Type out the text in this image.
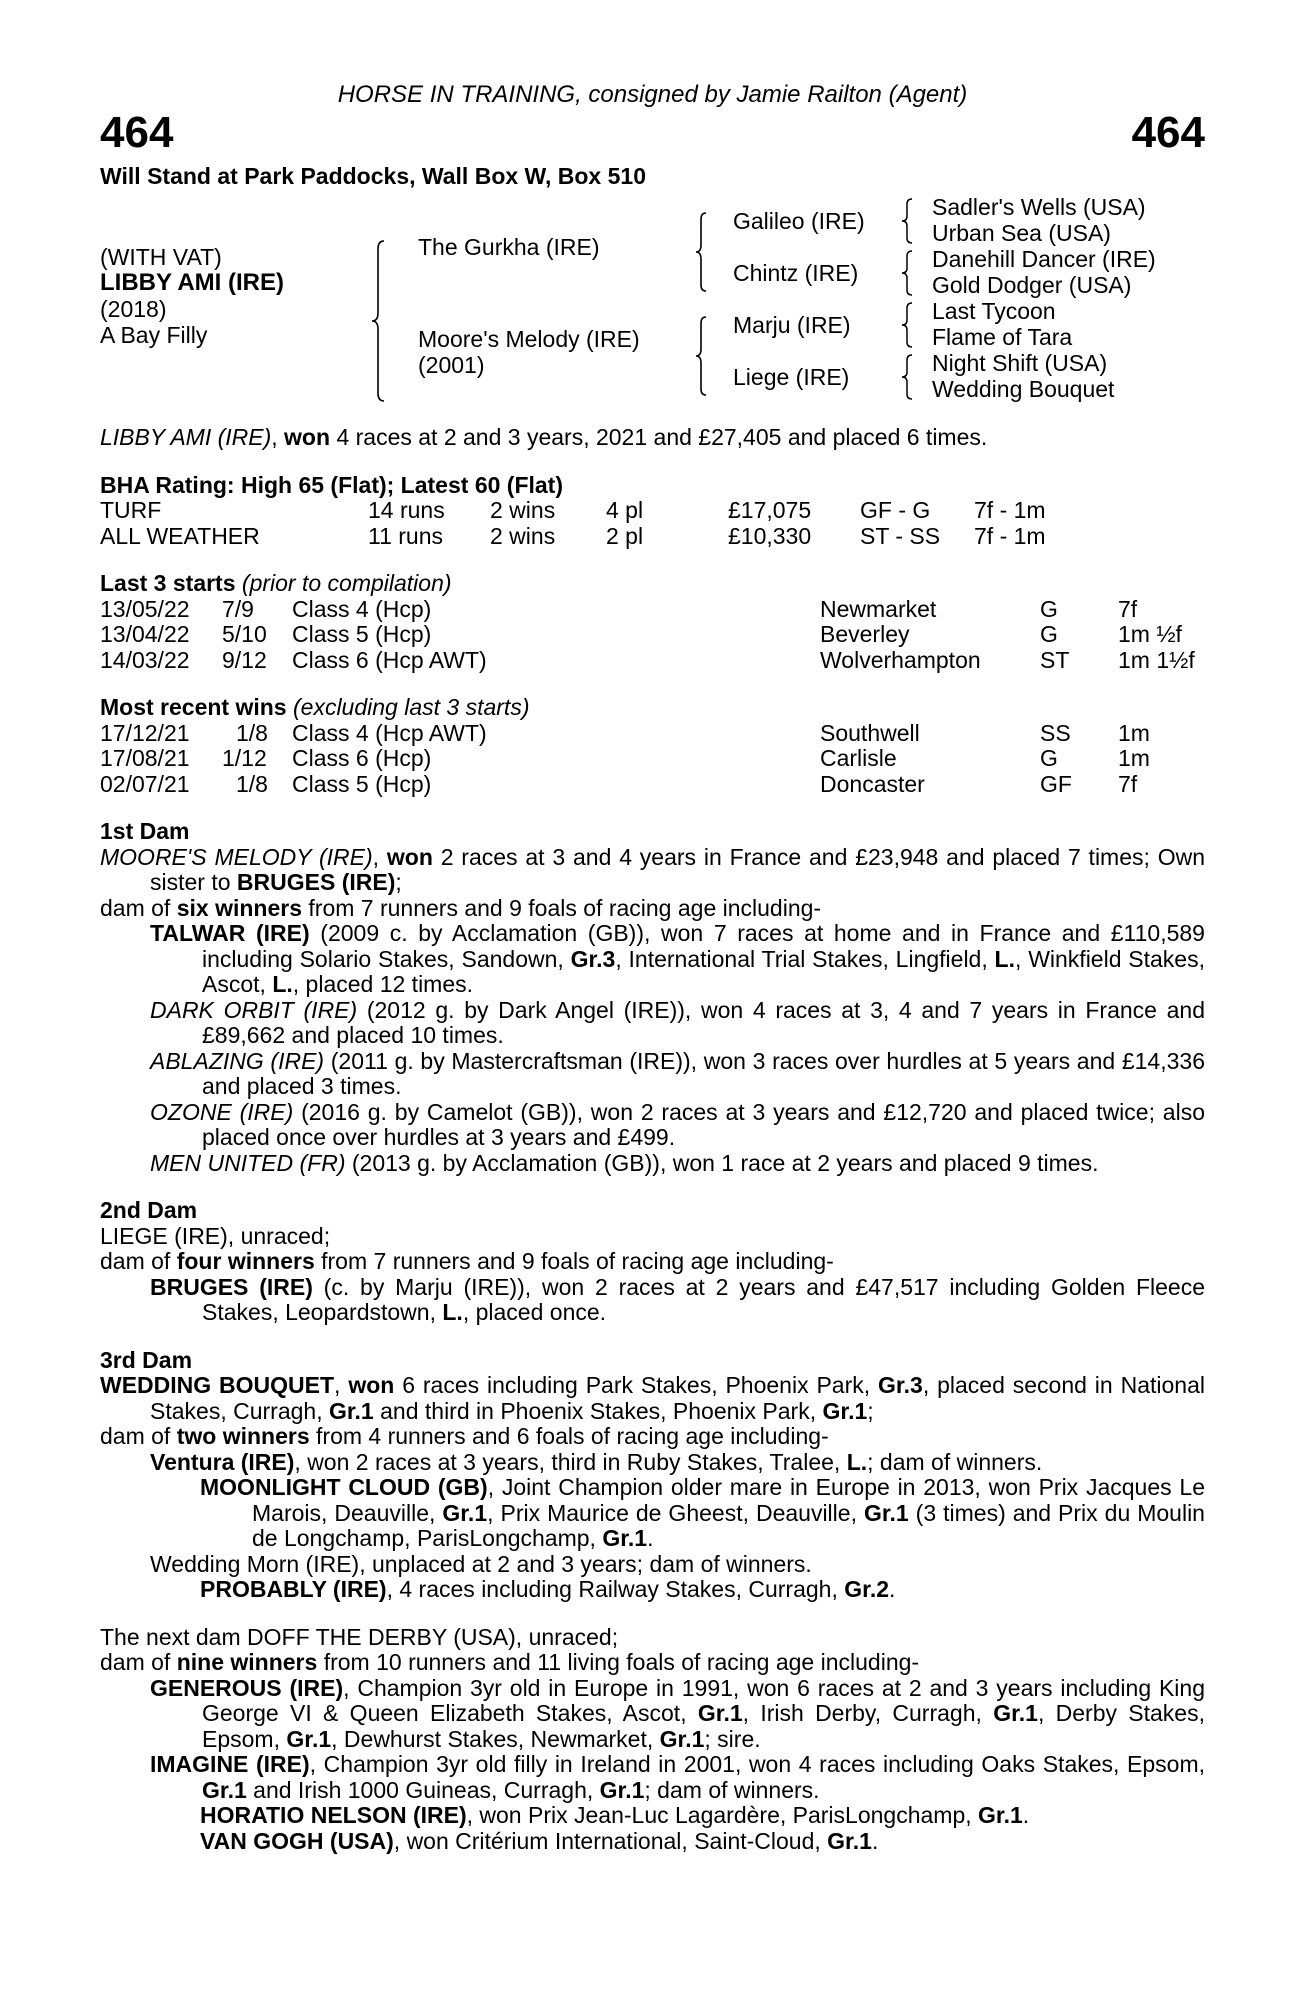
HORSE IN TRAINING, consigned by Jamie Railton (Agent)
464	464
Will Stand at Park Paddocks, Wall Box W, Box 510
(WITH VAT)
LIBBY AMI (IRE)
(2018)
A Bay Filly
The Gurkha (IRE)
Moore's Melody (IRE)
(2001)
Galileo (IRE)
Chintz (IRE)
Marju (IRE)
Liege (IRE)
Sadler's Wells (USA)
Urban Sea (USA)
Danehill Dancer (IRE)
Gold Dodger (USA)
Last Tycoon
Flame of Tara
Night Shift (USA)
Wedding Bouquet

LIBBY AMI (IRE), won 4 races at 2 and 3 years, 2021 and £27,405 and placed 6 times.

BHA Rating: High 65 (Flat); Latest 60 (Flat)
TURF	14 runs 2 wins 4 pl	£17,075 GF - G 7f - 1m
ALL WEATHER	11 runs 2 wins 2 pl	£10,330 ST - SS 7f - 1m
Last 3 starts (prior to compilation)
13/05/22 7/9 Class 4 (Hcp)	Newmarket	G	7f
13/04/22 5/10 Class 5 (Hcp)	Beverley	G	1m ½f
14/03/22 9/12 Class 6 (Hcp AWT)	Wolverhampton	ST 1m 1½f
Most recent wins (excluding last 3 starts)
17/12/21 1/8 Class 4 (Hcp AWT)	Southwell	SS 1m
17/08/21 1/12 Class 6 (Hcp)	Carlisle	G	1m
02/07/21 1/8 Class 5 (Hcp)	Doncaster	GF 7f
1st Dam

MOORE'S MELODY (IRE), won 2 races at 3 and 4 years in France and £23,948 and placed 7 times; Own sister to BRUGES (IRE);

dam of six winners from 7 runners and 9 foals of racing age including-

TALWAR (IRE) (2009 c. by Acclamation (GB)), won 7 races at home and in France and £110,589 including Solario Stakes, Sandown, Gr.3, International Trial Stakes, Lingfield, L., Winkfield Stakes, Ascot, L., placed 12 times.

DARK ORBIT (IRE) (2012 g. by Dark Angel (IRE)), won 4 races at 3, 4 and 7 years in France and £89,662 and placed 10 times.

ABLAZING (IRE) (2011 g. by Mastercraftsman (IRE)), won 3 races over hurdles at 5 years and £14,336 and placed 3 times.

OZONE (IRE) (2016 g. by Camelot (GB)), won 2 races at 3 years and £12,720 and placed twice; also placed once over hurdles at 3 years and £499.

MEN UNITED (FR) (2013 g. by Acclamation (GB)), won 1 race at 2 years and placed 9 times.

2nd Dam

LIEGE (IRE), unraced;

dam of four winners from 7 runners and 9 foals of racing age including-

BRUGES (IRE) (c. by Marju (IRE)), won 2 races at 2 years and £47,517 including Golden Fleece Stakes, Leopardstown, L., placed once.

3rd Dam

WEDDING BOUQUET, won 6 races including Park Stakes, Phoenix Park, Gr.3, placed second in National Stakes, Curragh, Gr.1 and third in Phoenix Stakes, Phoenix Park, Gr.1;

dam of two winners from 4 runners and 6 foals of racing age including-

Ventura (IRE), won 2 races at 3 years, third in Ruby Stakes, Tralee, L.; dam of winners.

MOONLIGHT CLOUD (GB), Joint Champion older mare in Europe in 2013, won Prix Jacques Le Marois, Deauville, Gr.1, Prix Maurice de Gheest, Deauville, Gr.1 (3 times) and Prix du Moulin de Longchamp, ParisLongchamp, Gr.1.

Wedding Morn (IRE), unplaced at 2 and 3 years; dam of winners.

PROBABLY (IRE), 4 races including Railway Stakes, Curragh, Gr.2.

The next dam DOFF THE DERBY (USA), unraced;

dam of nine winners from 10 runners and 11 living foals of racing age including-

GENEROUS (IRE), Champion 3yr old in Europe in 1991, won 6 races at 2 and 3 years including King George VI & Queen Elizabeth Stakes, Ascot, Gr.1, Irish Derby, Curragh, Gr.1, Derby Stakes, Epsom, Gr.1, Dewhurst Stakes, Newmarket, Gr.1; sire.

IMAGINE (IRE), Champion 3yr old filly in Ireland in 2001, won 4 races including Oaks Stakes, Epsom, Gr.1 and Irish 1000 Guineas, Curragh, Gr.1; dam of winners.

HORATIO NELSON (IRE), won Prix Jean-Luc Lagardère, ParisLongchamp, Gr.1.

VAN GOGH (USA), won Critérium International, Saint-Cloud, Gr.1.
